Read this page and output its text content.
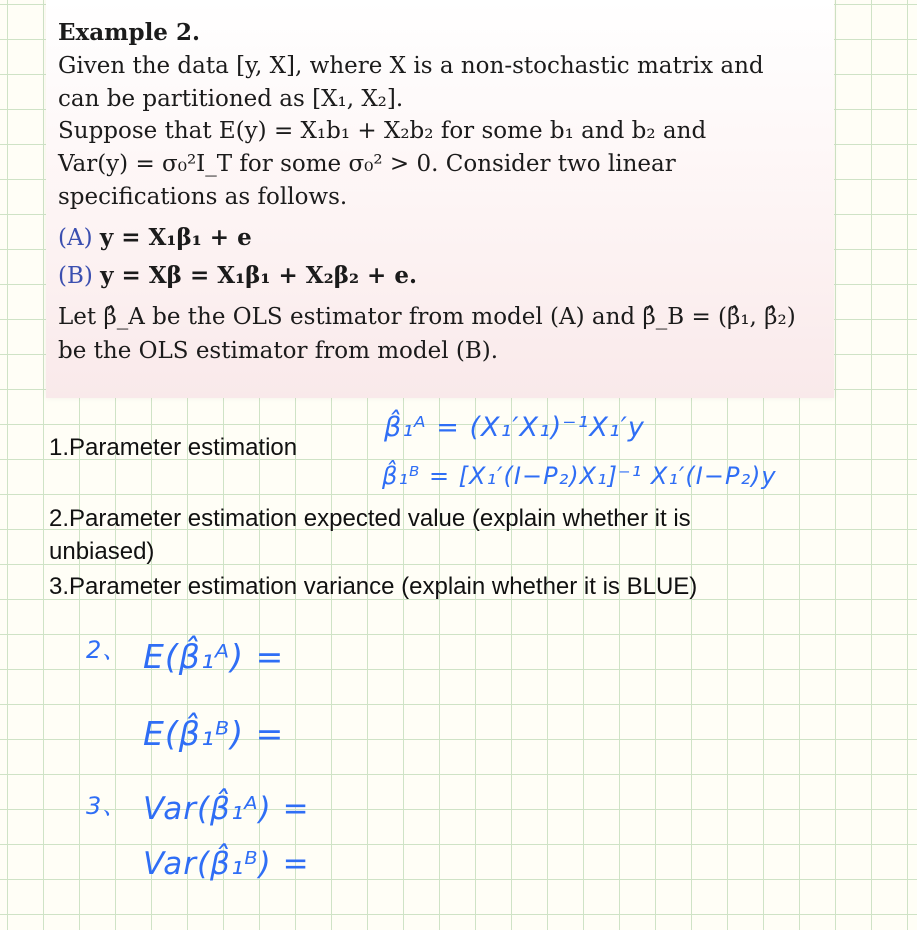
Example 2.
Given the data [y, X], where X is a non-stochastic matrix and
can be partitioned as [X₁, X₂].
Suppose that E(y) = X₁b₁ + X₂b₂ for some b₁ and b₂ and
Var(y) = σ₀²I_T for some σ₀² > 0. Consider two linear
specifications as follows.
(A) y = X₁β₁ + e
(B) y = Xβ = X₁β₁ + X₂β₂ + e.
Let β̂_A be the OLS estimator from model (A) and β̂_B = (β̂₁, β̂₂)
be the OLS estimator from model (B).
1.Parameter estimation
2.Parameter estimation expected value (explain whether it is
unbiased)
3.Parameter estimation variance (explain whether it is BLUE)
β̂₁ᴬ = (X₁′X₁)⁻¹X₁′y
β̂₁ᴮ = [X₁′(I−P₂)X₁]⁻¹ X₁′(I−P₂)y
2、 E(β̂₁ᴬ) =
E(β̂₁ᴮ) =
3、 Var(β̂₁ᴬ) =
Var(β̂₁ᴮ) =
